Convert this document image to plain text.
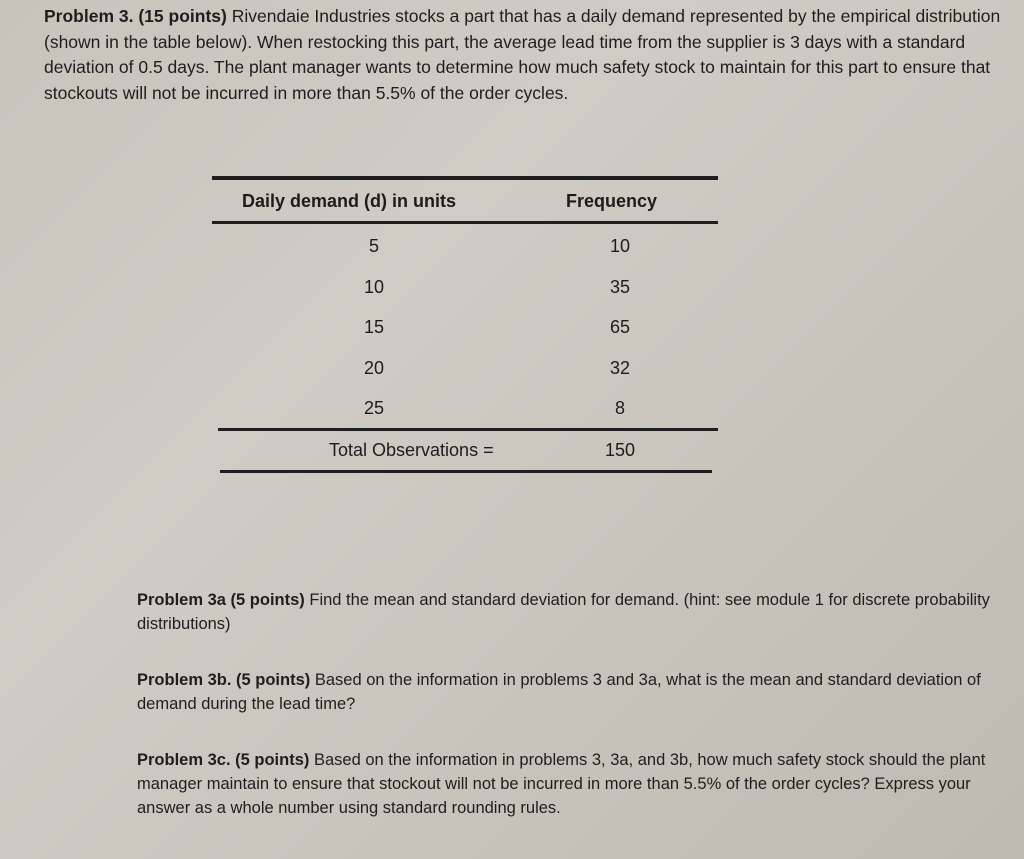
Problem 3. (15 points) Rivendaie Industries stocks a part that has a daily demand represented by the empirical distribution (shown in the table below). When restocking this part, the average lead time from the supplier is 3 days with a standard deviation of 0.5 days. The plant manager wants to determine how much safety stock to maintain for this part to ensure that stockouts will not be incurred in more than 5.5% of the order cycles.

Daily demand (d) in units	Frequency
5	10
10	35
15	65
20	32
25	8
Total Observations =	150

Problem 3a (5 points) Find the mean and standard deviation for demand. (hint: see module 1 for discrete probability distributions)

Problem 3b. (5 points) Based on the information in problems 3 and 3a, what is the mean and standard deviation of demand during the lead time?

Problem 3c. (5 points) Based on the information in problems 3, 3a, and 3b, how much safety stock should the plant manager maintain to ensure that stockout will not be incurred in more than 5.5% of the order cycles? Express your answer as a whole number using standard rounding rules.
